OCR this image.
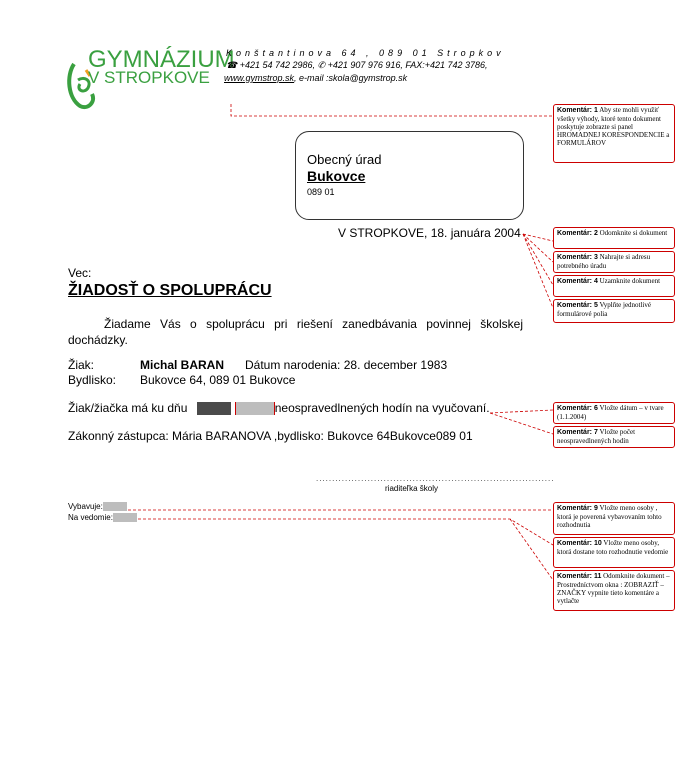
GYMNÁZIUM
V STROPKOVE
Konštantinova 64 , 089 01 Stropkov
☎ +421 54 742 2986, ✆ +421 907 976 916, FAX:+421 742 3786,
www.gymstrop.sk, e-mail :skola@gymstrop.sk
Obecný úrad
Bukovce
089 01
V STROPKOVE, 18. januára 2004
Vec:
ŽIADOSŤ O SPOLUPRÁCU
Žiadame Vás o spoluprácu pri riešení zanedbávania povinnej školskej dochádzky.
Žiak:	Michal BARAN Dátum narodenia: 28. december 1983
Bydlisko: Bukovce 64, 089 01 Bukovce
Žiak/žiačka má ku dňu	neospravedlnených hodín na vyučovaní.
Zákonný zástupca: Mária BARANOVA ,bydlisko: Bukovce 64Bukovce089 01
..........................................................................
riaditeľka školy
Vybavuje:
Na vedomie:
Komentár: 1 Aby ste mohli využiť všetky výhody, ktoré tento dokument poskytuje zobrazte si panel HROMADNEJ KORESPONDENCIE a FORMULÁROV
Komentár: 2 Odomknite si dokument
Komentár: 3 Nahrajte si adresu potrebného úradu
Komentár: 4 Uzamknite dokument
Komentár: 5 Vyplňte jednotlivé formulárové polia
Komentár: 6 Vložte dátum – v tvare (1.1.2004)
Komentár: 7 Vložte počet neospravedlnených hodín
Komentár: 9 Vložte meno osoby , ktorá je poverená vybavovaním tohto rozhodnutia
Komentár: 10 Vložte meno osoby, ktorá dostane toto rozhodnutie vedomie
Komentár: 11 Odomknite dokument – Prostredníctvom okna : ZOBRAZIŤ – ZNAČKY vypnite tieto komentáre a vytlačte
